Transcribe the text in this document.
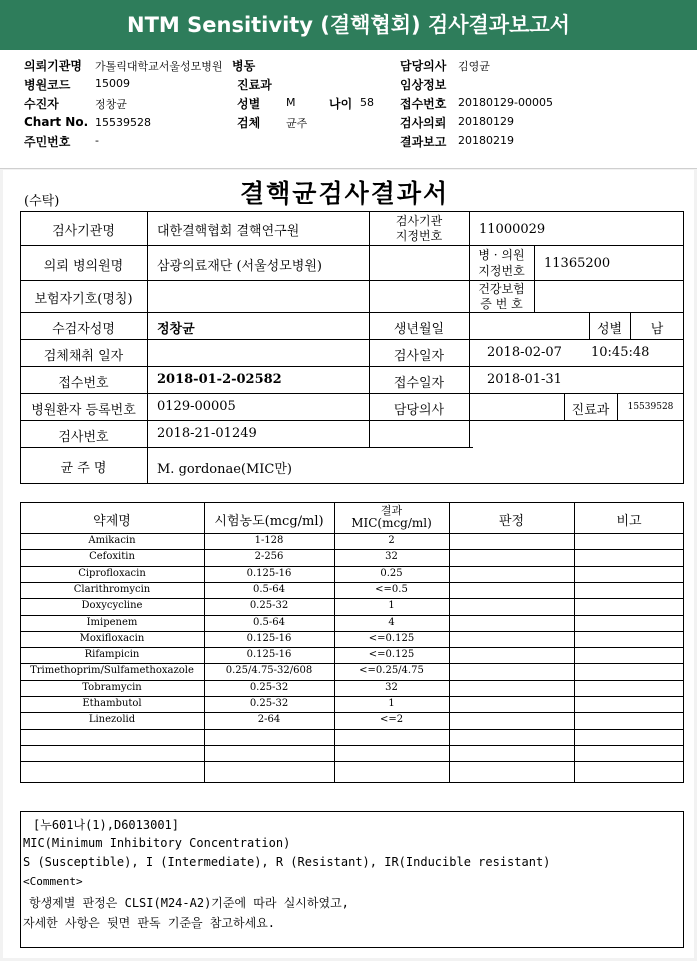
NTM Sensitivity (결핵협회) 검사결과보고서
의뢰기관명 가톨릭대학교서울성모병원 병동	담당의사 김영균
병원코드 15009	진료과	임상정보
수진자	정창균	성별 M	나이 58 접수번호 20180129-00005
Chart No. 15539528	검체 균주	검사의뢰 20180129
주민번호 -	결과보고 20180219
(수탁)	결핵균검사결과서
검사기관명	대한결핵협회 결핵연구원
검사기관
지정번호	11000029
의뢰 병의원명	삼광의료재단 (서울성모병원)
병 · 의원
지정번호	11365200
보험자기호(명칭)
건강보험
증 번 호
수검자성명	정창균	생년월일	성별	남
검체채취 일자	검사일자	2018-02-07 10:45:48
접수번호	2018-01-2-02582	접수일자	2018-01-31
병원환자 등록번호	0129-00005	담당의사	진료과	15539528
검사번호	2018-21-01249
균 주 명	M. gordonae(MIC만)
약제명	시험농도(mcg/ml)
결과
MIC(mcg/ml)	판정	비고
Amikacin	1-128	2
Cefoxitin	2-256	32
Ciprofloxacin	0.125-16	0.25
Clarithromycin	0.5-64	<=0.5
Doxycycline	0.25-32	1
Imipenem	0.5-64	4
Moxifloxacin	0.125-16	<=0.125
Rifampicin	0.125-16	<=0.125
Trimethoprim/Sulfamethoxazole	0.25/4.75-32/608	<=0.25/4.75
Tobramycin	0.25-32	32
Ethambutol	0.25-32	1
Linezolid	2-64	<=2
[누601나(1),D6013001]
MIC(Minimum Inhibitory Concentration)
S (Susceptible), I (Intermediate), R (Resistant), IR(Inducible resistant)
<Comment>
항생제별 판정은 CLSI(M24-A2)기준에 따라 실시하였고,
자세한 사항은 뒷면 판독 기준을 참고하세요.
